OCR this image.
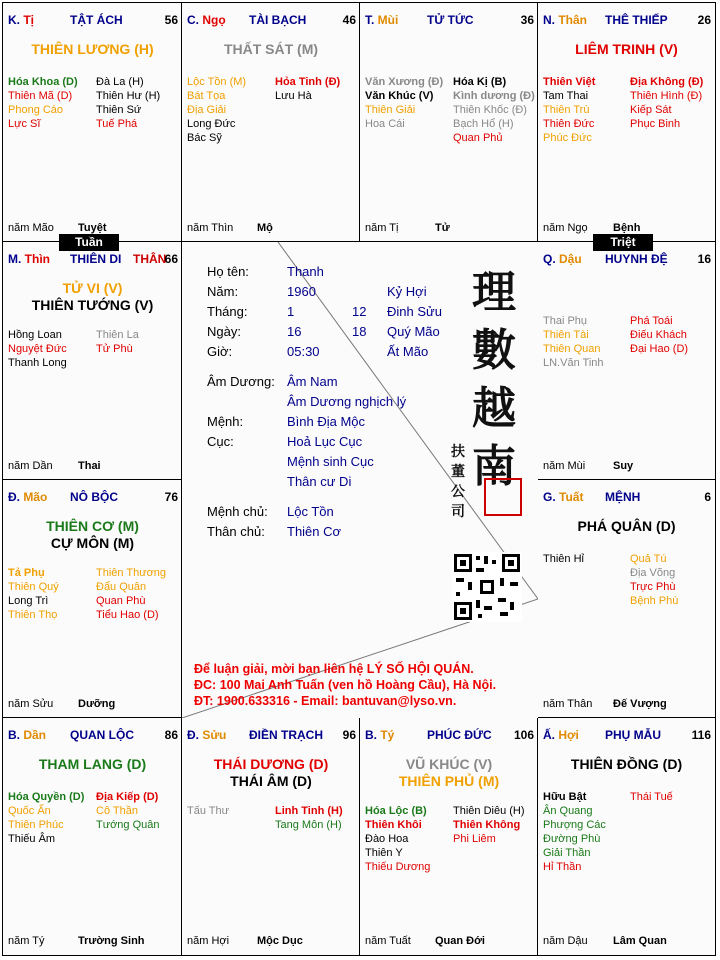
Họ tên:	Thanh
Năm:	1960	Kỷ Hợi
Tháng:	1	12 Đinh Sửu
Ngày:	16	18 Quý Mão
Giờ:	05:30	Ất Mão
Âm Dương: Âm Nam
Âm Dương nghịch lý
Mệnh:	Bình Địa Mộc
Cục:	Hoả Lục Cục
Mệnh sinh Cục
Thân cư Di
Mệnh chủ: Lộc Tồn
Thân chủ: Thiên Cơ
理
數
越
南
扶
董
公
司
Để luận giải, mời bạn liên hệ LÝ SỐ HỘI QUÁN.
ĐC: 100 Mai Anh Tuấn (ven hồ Hoàng Cầu), Hà Nội.
ĐT: 1900.633316 - Email: bantuvan@lyso.vn.
Tuần	Triệt
K. Tị	TẬT ÁCH	56
THIÊN LƯƠNG (H)
Hóa Khoa (D)
Thiên Mã (D)
Phong Cáo
Lực Sĩ
Đà La (H)
Thiên Hư (H)
Thiên Sứ
Tuế Phá
năm Mão Tuyệt
C. Ngọ TÀI BẠCH	46
THẤT SÁT (M)
Lộc Tồn (M)
Bát Tọa
Địa Giải
Long Đức
Bác Sỹ
Hỏa Tinh (Đ)
Lưu Hà
năm Thìn Mộ
T. Mùi TỬ TỨC	36
Văn Xương (Đ)
Văn Khúc (V)
Thiên Giải
Hoa Cái
Hóa Kị (B)
Kình dương (Đ)
Thiên Khốc (Đ)
Bạch Hổ (H)
Quan Phủ
năm Tị	Tử
N. Thân THÊ THIẾP 26
LIÊM TRINH (V)
Thiên Việt
Tam Thai
Thiên Trù
Thiên Đức
Phúc Đức
Địa Không (Đ)
Thiên Hình (Đ)
Kiếp Sát
Phục Binh
năm Ngọ Bệnh
M. Thìn THIÊN DI THÂN
66
TỬ VI (V)
THIÊN TƯỚNG (V)
Hồng Loan
Nguyệt Đức
Thanh Long
Thiên La
Tử Phù
năm Dần Thai
Q. Dậu HUYNH ĐỆ 16
Thai Phụ
Thiên Tài
Thiên Quan
LN.Văn Tinh
Phá Toái
Điếu Khách
Đại Hao (D)
năm Mùi	Suy
Đ. Mão NÔ BỘC	76
THIÊN CƠ (M)
CỰ MÔN (M)
Tả Phụ
Thiên Quý
Long Trì
Thiên Thọ
Thiên Thương
Đẩu Quân
Quan Phù
Tiểu Hao (D)
năm Sửu Dưỡng
G. Tuất MỆNH	6
PHÁ QUÂN (D)
Thiên Hỉ	Quả Tú
Địa Võng
Trực Phù
Bệnh Phù
năm Thân Đế Vượng
B. Dần QUAN LỘC	86
THAM LANG (D)
Hóa Quyền (D)
Quốc Ấn
Thiên Phúc
Thiếu Âm
Địa Kiếp (D)
Cô Thần
Tướng Quân
năm Tý	Trường Sinh
Đ. Sửu ĐIỀN TRẠCH 96
THÁI DƯƠNG (D)
THÁI ÂM (D)
Tấu Thư	Linh Tinh (H)
Tang Môn (H)
năm Hợi	Mộc Dục
B. Tý	PHÚC ĐỨC 106
VŨ KHÚC (V)
THIÊN PHỦ (M)
Hóa Lộc (B)
Thiên Khôi
Đào Hoa
Thiên Y
Thiếu Dương
Thiên Diêu (H)
Thiên Không
Phi Liêm
năm Tuất Quan Đới
Ấ. Hợi PHỤ MẪU	116
THIÊN ĐỒNG (D)
Hữu Bật
Ân Quang
Phượng Các
Đường Phù
Giải Thần
Hỉ Thần
Thái Tuế
năm Dậu Lâm Quan
